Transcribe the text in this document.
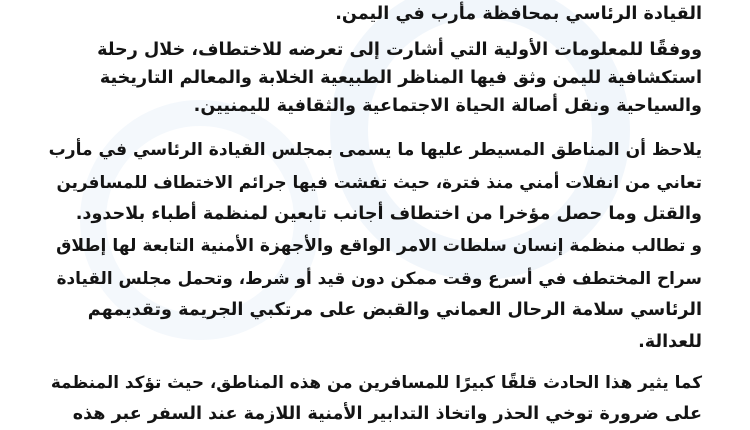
القيادة الرئاسي بمحافظة مأرب في اليمن.
ووفقًا للمعلومات الأولية التي أشارت إلى تعرضه للاختطاف، خلال رحلة
استكشافية لليمن وثق فيها المناظر الطبيعية الخلابة والمعالم التاريخية
والسياحية ونقل أصالة الحياة الاجتماعية والثقافية لليمنيين.
يلاحظ أن المناطق المسيطر عليها ما يسمى بمجلس القيادة الرئاسي في مأرب
تعاني من انفلات أمني منذ فترة، حيث تفشت فيها جرائم الاختطاف للمسافرين
والقتل وما حصل مؤخرا من اختطاف أجانب تابعين لمنظمة أطباء بلاحدود.
و تطالب منظمة إنسان سلطات الامر الواقع والأجهزة الأمنية التابعة لها إطلاق
سراح المختطف في أسرع وقت ممكن دون قيد أو شرط، وتحمل مجلس القيادة
الرئاسي سلامة الرحال العماني والقبض على مرتكبي الجريمة وتقديمهم
للعدالة.
كما يثير هذا الحادث قلقًا كبيرًا للمسافرين من هذه المناطق، حيث تؤكد المنظمة
على ضرورة توخي الحذر واتخاذ التدابير الأمنية اللازمة عند السفر عبر هذه
